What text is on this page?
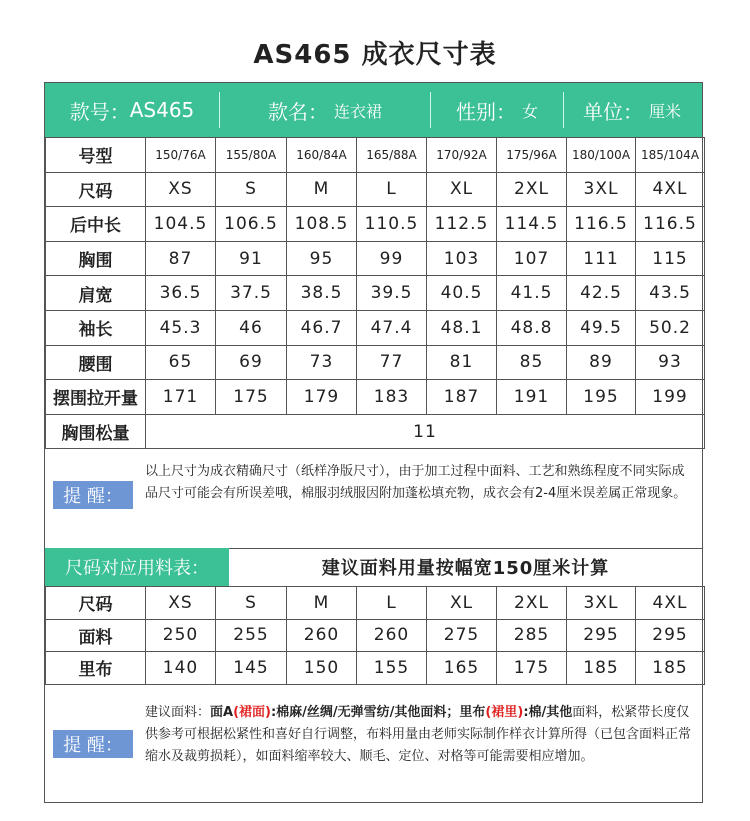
AS465 成衣尺寸表
款号： AS465	款名： 连衣裙	性别： 女 单位： 厘米
号型	150/76A	155/80A	160/84A	165/88A	170/92A	175/96A	180/100A	185/104A
尺码	XS	S	M	L	XL	2XL	3XL	4XL
后中长	104.5	106.5	108.5	110.5	112.5	114.5	116.5	116.5
胸围	87	91	95	99	103	107	111	115
肩宽	36.5	37.5	38.5	39.5	40.5	41.5	42.5	43.5
袖长	45.3	46	46.7	47.4	48.1	48.8	49.5	50.2
腰围	65	69	73	77	81	85	89	93
摆围拉开量	171	175	179	183	187	191	195	199
胸围松量	11							
提 醒：
以上尺寸为成衣精确尺寸（纸样净版尺寸），由于加工过程中面料、工艺和熟练程度不同实际成品尺寸可能会有所误差哦，棉服羽绒服因附加蓬松填充物，成衣会有2-4厘米误差属正常现象。
尺码对应用料表：	建议面料用量按幅宽150厘米计算
尺码	XS	S	M	L	XL	2XL	3XL	4XL
面料	250	255	260	260	275	285	295	295
里布	140	145	150	155	165	175	185	185
提 醒：
建议面料：面A(裙面):棉麻/丝绸/无弹雪纺/其他面料；里布(裙里):棉/其他面料，松紧带长度仅供参考可根据松紧性和喜好自行调整，布料用量由老师实际制作样衣计算所得（已包含面料正常缩水及裁剪损耗），如面料缩率较大、顺毛、定位、对格等可能需要相应增加。
